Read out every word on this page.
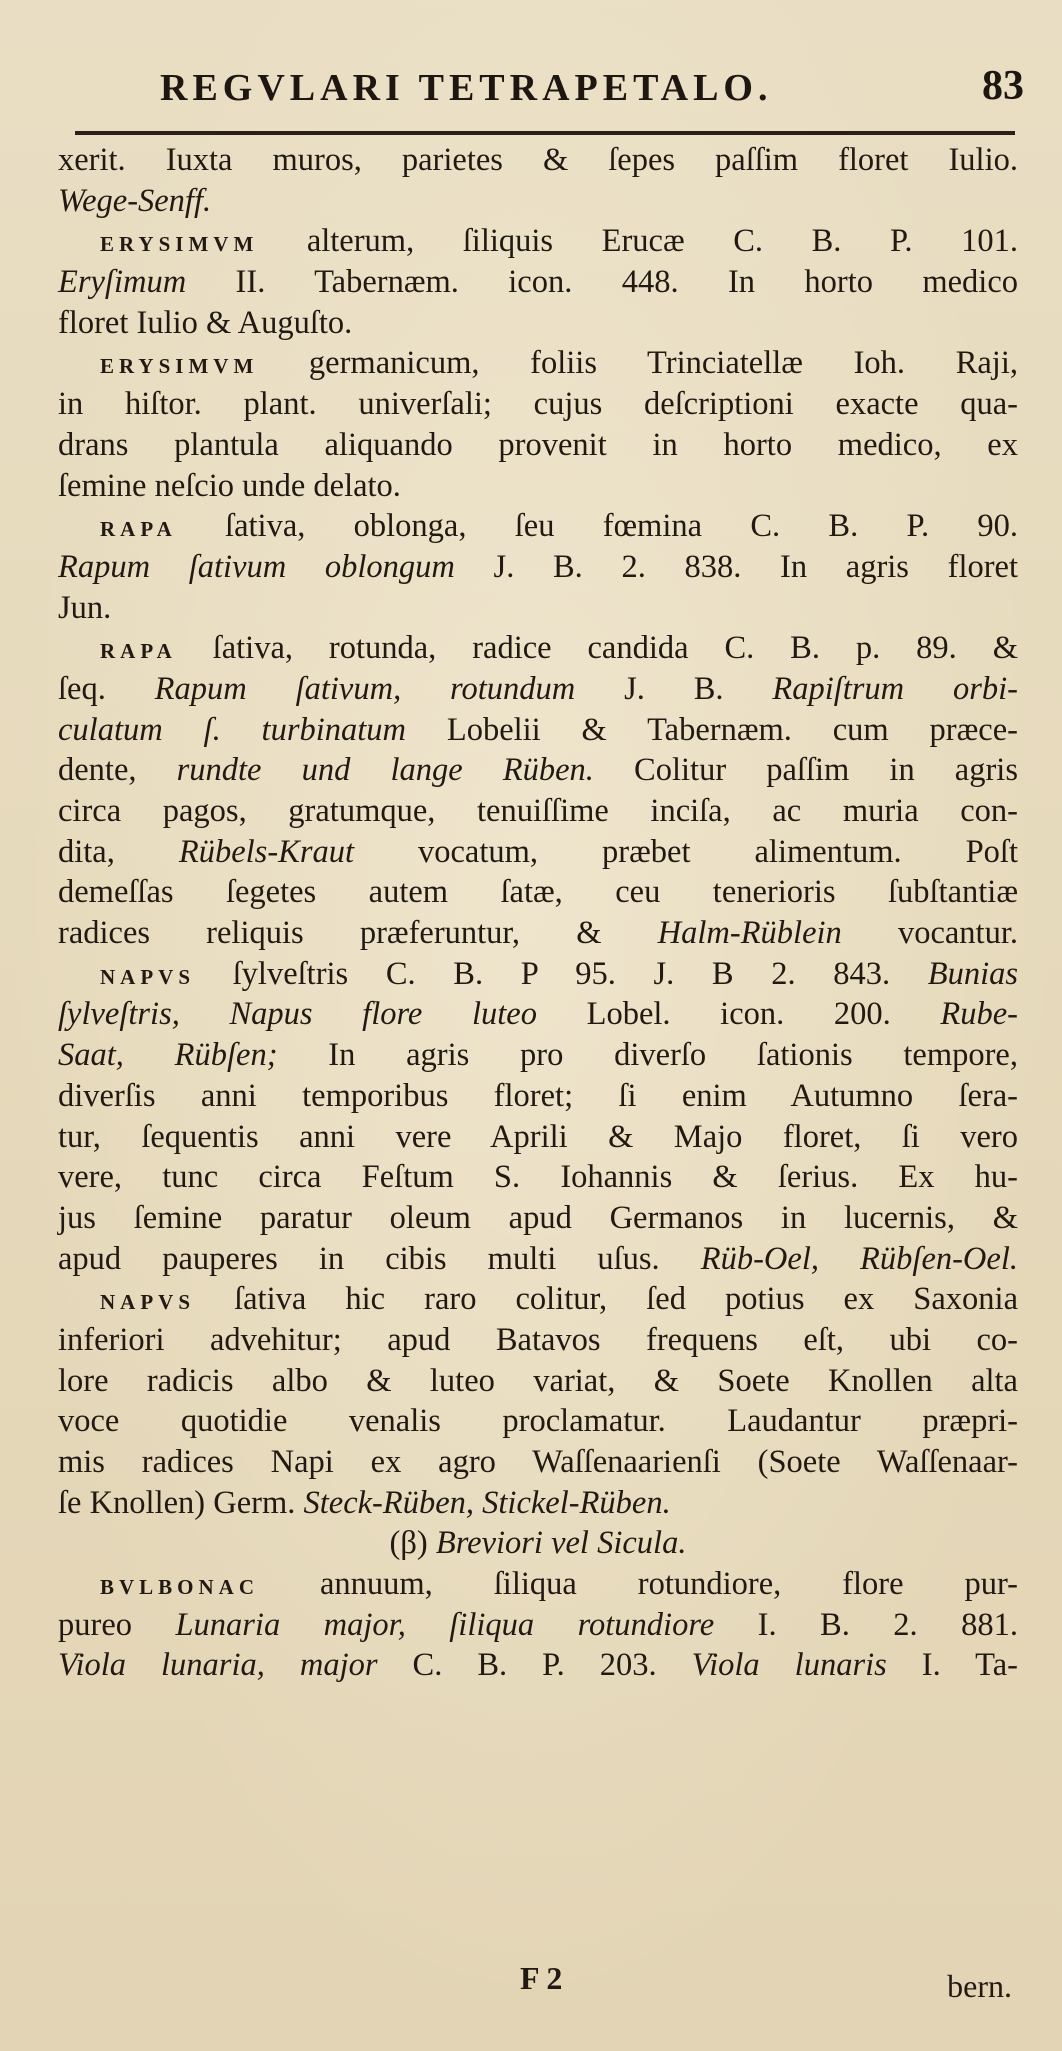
REGVLARI TETRAPETALO.	83
xerit. Iuxta muros, parietes & ſepes paſſim floret Iulio.
Wege-Senff.
ERYSIMVM alterum, ſiliquis Erucæ C. B. P. 101.
Eryſimum II. Tabernæm. icon. 448. In horto medico
floret Iulio & Auguſto.
ERYSIMVM germanicum, foliis Trinciatellæ Ioh. Raji,
in hiſtor. plant. univerſali; cujus deſcriptioni exacte qua-
drans plantula aliquando provenit in horto medico, ex
ſemine neſcio unde delato.
RAPA ſativa, oblonga, ſeu fœmina C. B. P. 90.
Rapum ſativum oblongum J. B. 2. 838. In agris floret
Jun.
RAPA ſativa, rotunda, radice candida C. B. p. 89. &
ſeq. Rapum ſativum, rotundum J. B. Rapiſtrum orbi-
culatum ſ. turbinatum Lobelii & Tabernæm. cum præce-
dente, rundte und lange Rüben. Colitur paſſim in agris
circa pagos, gratumque, tenuiſſime inciſa, ac muria con-
dita, Rübels-Kraut vocatum, præbet alimentum. Poſt
demeſſas ſegetes autem ſatæ, ceu tenerioris ſubſtantiæ
radices reliquis præferuntur, & Halm-Rüblein vocantur.
NAPVS ſylveſtris C. B. P 95. J. B 2. 843. Bunias
ſylveſtris, Napus flore luteo Lobel. icon. 200. Rube-
Saat, Rübſen; In agris pro diverſo ſationis tempore,
diverſis anni temporibus floret; ſi enim Autumno ſera-
tur, ſequentis anni vere Aprili & Majo floret, ſi vero
vere, tunc circa Feſtum S. Iohannis & ſerius. Ex hu-
jus ſemine paratur oleum apud Germanos in lucernis, &
apud pauperes in cibis multi uſus. Rüb-Oel, Rübſen-Oel.
NAPVS ſativa hic raro colitur, ſed potius ex Saxonia
inferiori advehitur; apud Batavos frequens eſt, ubi co-
lore radicis albo & luteo variat, & Soete Knollen alta
voce quotidie venalis proclamatur. Laudantur præpri-
mis radices Napi ex agro Waſſenaarienſi (Soete Waſſenaar-
ſe Knollen) Germ. Steck-Rüben, Stickel-Rüben.
(β) Breviori vel Sicula.
BVLBONAC annuum, ſiliqua rotundiore, flore pur-
pureo Lunaria major, ſiliqua rotundiore I. B. 2. 881.
Viola lunaria, major C. B. P. 203. Viola lunaris I. Ta-
F 2	bern.
